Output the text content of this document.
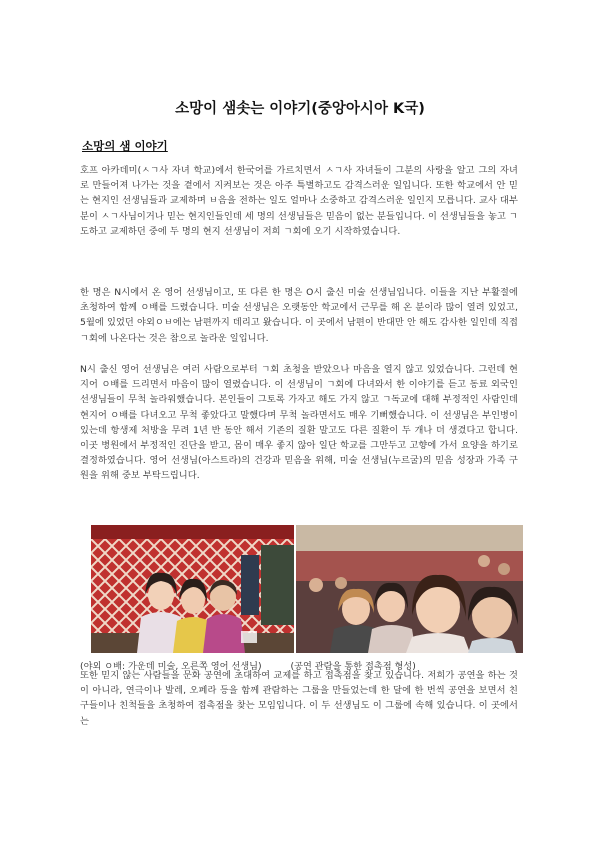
소망이 샘솟는 이야기(중앙아시아 K국)
소망의 샘 이야기

호프 아카데미(ㅅㄱ사 자녀 학교)에서 한국어를 가르치면서 ㅅㄱ사 자녀들이 그분의 사랑을 알고 그의 자녀로 만들어져 나가는 것을 곁에서 지켜보는 것은 아주 특별하고도 감격스러운 일입니다. 또한 학교에서 안 믿는 현지인 선생님들과 교제하며 ㅂ음을 전하는 일도 얼마나 소중하고 감격스러운 일인지 모릅니다. 교사 대부분이 ㅅㄱ사님이거나 믿는 현지인들인데 세 명의 선생님들은 믿음이 없는 분들입니다. 이 선생님들을 놓고 ㄱ도하고 교제하던 중에 두 명의 현지 선생님이 저희 ㄱ회에 오기 시작하였습니다.

한 명은 N시에서 온 영어 선생님이고, 또 다른 한 명은 O시 출신 미술 선생님입니다. 이들을 지난 부활절에 초청하여 함께 ㅇ배를 드렸습니다. 미술 선생님은 오랫동안 학교에서 근무를 해 온 분이라 많이 열려 있었고, 5월에 있었던 야외ㅇㅂ에는 남편까지 데리고 왔습니다. 이 곳에서 남편이 반대만 안 해도 감사한 일인데 직접 ㄱ회에 나온다는 것은 참으로 놀라운 일입니다.

N시 출신 영어 선생님은 여러 사람으로부터 ㄱ회 초청을 받았으나 마음을 열지 않고 있었습니다. 그런데 현지어 ㅇ배를 드리면서 마음이 많이 열렸습니다. 이 선생님이 ㄱ회에 다녀와서 한 이야기를 듣고 동료 외국인 선생님들이 무척 놀라워했습니다. 본인들이 그토록 가자고 해도 가지 않고 ㄱ독교에 대해 부정적인 사람인데 현지어 ㅇ배를 다녀오고 무척 좋았다고 말했다며 무척 놀라면서도 매우 기뻐했습니다. 이 선생님은 부인병이 있는데 항생제 처방을 무려 1년 반 동안 해서 기존의 질환 말고도 다른 질환이 두 개나 더 생겼다고 합니다. 이곳 병원에서 부정적인 진단을 받고, 몸이 매우 좋지 않아 일단 학교를 그만두고 고향에 가서 요양을 하기로 결정하였습니다. 영어 선생님(아스트라)의 건강과 믿음을 위해, 미술 선생님(누르굴)의 믿음 성장과 가족 구원을 위해 중보 부탁드립니다.

(야외 ㅇ배: 가운데 미술, 오른쪽 영어 선생님)	(공연 관람을 통한 접촉점 형성)

또한 믿지 않는 사람들을 문화 공연에 초대하여 교제를 하고 접촉점을 찾고 있습니다. 저희가 공연을 하는 것이 아니라, 연극이나 발레, 오페라 등을 함께 관람하는 그룹을 만들었는데 한 달에 한 번씩 공연을 보면서 친구들이나 친척들을 초청하여 접촉점을 찾는 모임입니다. 이 두 선생님도 이 그룹에 속해 있습니다. 이 곳에서는
